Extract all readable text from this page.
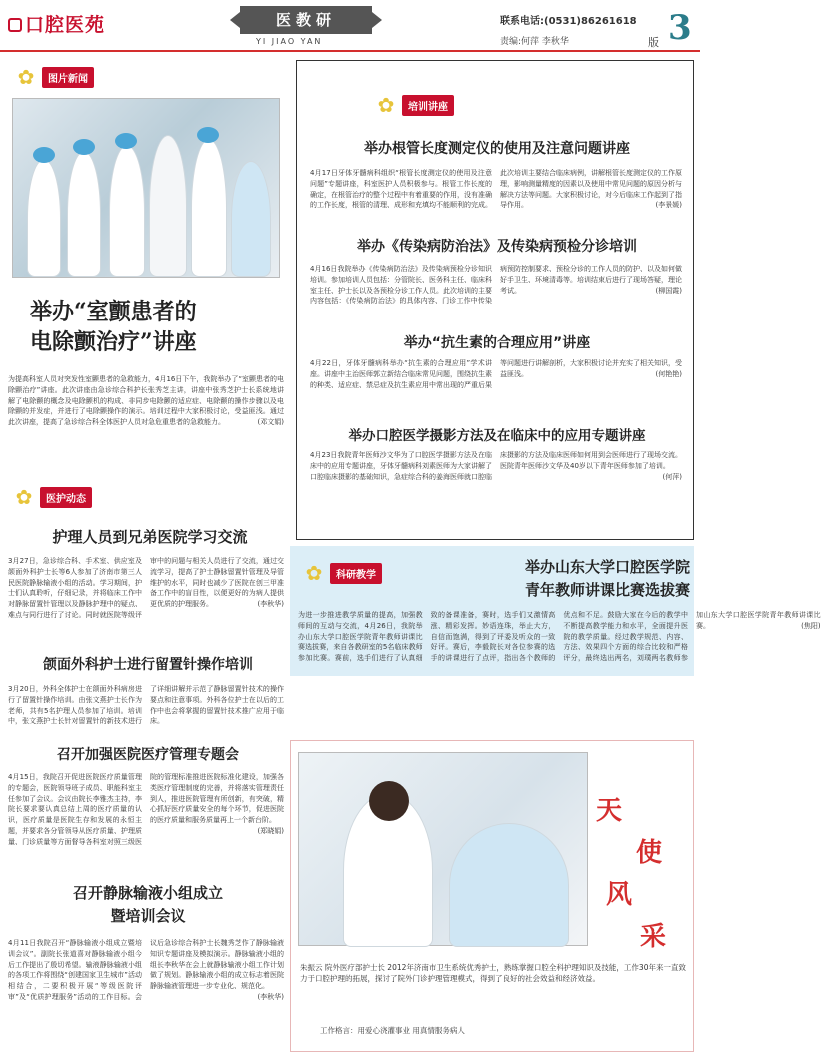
口腔医苑	医教研
YI JIAO YAN
联系电话:(0531)86261618
责编:何萍 李秋华	版 3
✿	图片新闻
举办“室颤患者的
电除颤治疗”讲座
为提高科室人员对突发性室颤患者的急救能力，4月16日下午，我院举办了“室颤患者的电除颤治疗”讲座。此次讲座由急诊综合科护长张秀芝主讲，讲座中张秀芝护士长系统地讲解了电除颤的概念及电除颤机的构成、非同步电除颤的适应症、电除颤的操作步骤以及电除颤的并发症，并进行了电除颤操作的演示。培训过程中大家积极讨论，受益匪浅。通过此次讲座，提高了急诊综合科全体医护人员对急危重患者的急救能力。	(邓文娟)
✿	培训讲座
举办根管长度测定仪的使用及注意问题讲座
4月17日牙体牙髓病科组织“根管长度测定仪的使用及注意问题”专题讲座，科室医护人员积极参与。根管工作长度的确定，在根管治疗的整个过程中有着重要的作用，没有准确的工作长度，根管的清理、成形和充填均不能顺利的完成。此次培训主要结合临床病例，讲解根管长度测定仪的工作原理，影响测量精度的因素以及使用中常见问题的原因分析与解决方法等问题。大家积极讨论，对今后临床工作起到了指导作用。	(李景媛)
举办《传染病防治法》及传染病预检分诊培训
4月16日我院举办《传染病防治法》及传染病预检分诊知识培训。参加培训人员包括：分管院长、医务科主任、临床科室主任、护士长以及各预检分诊工作人员。此次培训的主要内容包括：《传染病防治法》的具体内容、门诊工作中传染病预防控制要求、预检分诊的工作人员的防护、以及如何做好手卫生、环境清毒等。培训结束后进行了现场答疑，理论考试。	(柳国霞)
举办“抗生素的合理应用”讲座
4月22日，牙体牙髓病科举办“抗生素的合理应用”学术讲座。讲座中主治医师郭立新结合临床常见问题，围绕抗生素的种类、适应症、禁忌症及抗生素应用中常出现的严重后果等问题进行讲解剖析，大家积极讨论并充实了相关知识，受益匪浅。	(何艳艳)
举办口腔医学摄影方法及在临床中的应用专题讲座
4月23日我院青年医师沙文华为了口腔医学摄影方法及在临床中的应用专题讲座，牙体牙髓病科刘素医师为大家讲解了口腔临床摄影的基础知识，急症综合科的姜海医师就口腔临床摄影的方法及临床医师如何用到会医师进行了现场交流。医院青年医师沙文华及40岁以下青年医师参加了培训。
(何萍)
✿	医护动态
护理人员到兄弟医院学习交流
3月27日，急诊综合科、手术室、供应室及颌面外科护士长等6人参加了济南市第三人民医院静脉输液小组的活动。学习期间，护士们认真聆听，仔细记录，并将临床工作中对静脉留置针管理以及静脉护理中的疑点、难点与同行进行了讨论。同时就医院等级评审中的问题与相关人员进行了交流，通过交流学习，提高了护士静脉留置针管理及导管维护的水平，同时也减少了医院在创三甲准备工作中的盲目性，以便更好的为病人提供更优质的护理服务。	(李秋华)
颌面外科护士进行留置针操作培训
3月20日，外科全体护士在颌面外科病房进行了留置针操作培训。由张文燕护士长作为老师，共有5名护理人员参加了培训。培训中，张文燕护士长针对留置针的新技术进行了详细讲解并示范了静脉留置针技术的操作要点和注意事项。外科各位护士在以后的工作中也会将掌握的留置针技术推广应用于临床。
召开加强医院医疗管理专题会
4月15日，我院召开促进医院医疗质量管理的专题会，医院领导班子成员、职能科室主任参加了会议。会议由院长李雅杰主持，李院长要求要认真总结上周的医疗质量的认识，医疗质量是医院生存和发展的永恒主题，并要求各分管领导从医疗质量、护理质量、门诊质量等方面督导各科室对照三级医院的管理标准推进医院标准化建设，加强各类医疗管理制度的完善，并将落实管理责任到人，推进医院管理有所创新，有突破，精心抓好医疗质量安全的每个环节，促进医院的医疗质量和服务质量再上一个新台阶。
(郑晓娟)
召开静脉输液小组成立
暨培训会议
4月11日我院召开“静脉输液小组成立暨培训会议”。副院长张道喜对静脉输液小组今后工作提出了殷切希望。输液静脉输液小组的各项工作将围绕“创建国家卫生城市”活动相结合，二要积极开展“等级医院评审”及“优质护理服务”活动的工作目标。会议后急诊综合科护士长魏秀芝作了静脉输液知识专题讲座及模拟演示。静脉输液小组的组长李秋华在会上就静脉输液小组工作计划做了规划。静脉输液小组的成立标志着医院静脉输液管理进一步专业化、规范化。
(李秋华)
✿	科研教学	举办山东大学口腔医学院
青年教师讲课比赛选拔赛
为进一步推进教学质量的提高，加强教师间的互动与交流，4月26日，我院举办山东大学口腔医学院青年教师讲课比赛选拔赛，来自各教研室的5名临床教师参加比赛。赛前，选手们进行了认真细致的备课准备，赛时，选手们又激情高涨、精彩发挥。妙语连珠，举止大方，自信而饱满，得到了评委及听众的一致好评。赛后，李毅院长对各位参赛的选手的讲课进行了点评，指出各个教师的优点和不足。鼓励大家在今后的教学中不断提高教学能力和水平，全面提升医院的教学质量。经过教学规范、内容、方法、效果四个方面的综合比较和严格评分，最终选出两名，刘璞两名教师参加山东大学口腔医学院青年教师讲课比赛。	(焦阳)
天
使
风
采
朱振云 院外医疗部护士长 2012年济南市卫生系统优秀护士，熟练掌握口腔全科护理知识及技能，工作30年来一直致力于口腔护理的拓展，探讨了院外门诊护理管理模式，得到了良好的社会效益和经济效益。
工作格言：用爱心浇灌事业 用真情服务病人
